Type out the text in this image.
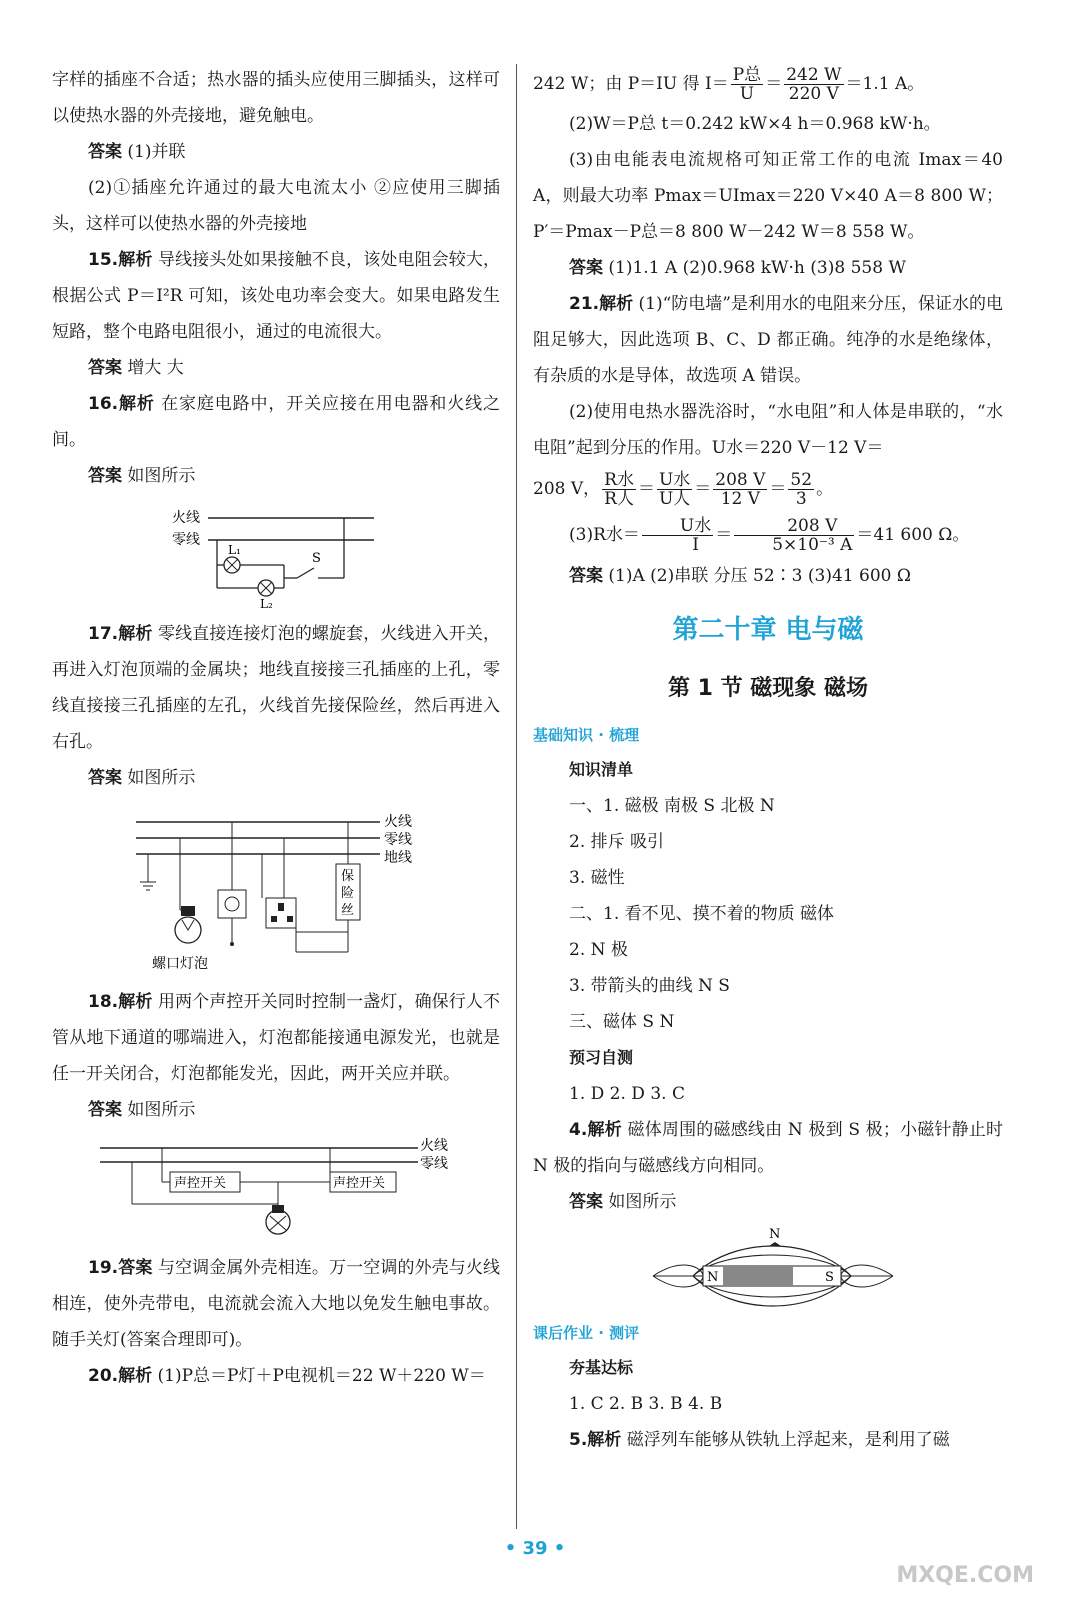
字样的插座不合适；热水器的插头应使用三脚插头，这样可以使热水器的外壳接地，避免触电。

答案 (1)并联

(2)①插座允许通过的最大电流太小 ②应使用三脚插头，这样可以使热水器的外壳接地

15.解析 导线接头处如果接触不良，该处电阻会较大，根据公式 P＝I²R 可知，该处电功率会变大。如果电路发生短路，整个电路电阻很小，通过的电流很大。

答案 增大 大

16.解析 在家庭电路中，开关应接在用电器和火线之间。

答案 如图所示

火线
零线
L₁
L₂
S

17.解析 零线直接连接灯泡的螺旋套，火线进入开关，再进入灯泡顶端的金属块；地线直接接三孔插座的上孔，零线直接接三孔插座的左孔，火线首先接保险丝，然后再进入右孔。

答案 如图所示

火线
零线
地线
螺口灯泡
保
险
丝

18.解析 用两个声控开关同时控制一盏灯，确保行人不管从地下通道的哪端进入，灯泡都能接通电源发光，也就是任一开关闭合，灯泡都能发光，因此，两开关应并联。

答案 如图所示

火线
零线
声控开关	声控开关

19.答案 与空调金属外壳相连。万一空调的外壳与火线相连，使外壳带电，电流就会流入大地以免发生触电事故。随手关灯(答案合理即可)。

20.解析 (1)P总＝P灯＋P电视机＝22 W＋220 W＝

242 W；由 P＝IU 得 $I= \frac{\text{P总}}{U} = \frac{242 W}{220 V} =1.1$ A。

(2)W＝P总 t＝0.242 kW×4 h＝0.968 kW·h。

(3)由电能表电流规格可知正常工作的电流 Imax＝40 A，则最大功率 Pmax＝UImax＝220 V×40 A＝8 800 W；P′＝Pmax－P总＝8 800 W－242 W＝8 558 W。

答案 (1)1.1 A (2)0.968 kW·h (3)8 558 W

21.解析 (1)“防电墙”是利用水的电阻来分压，保证水的电阻足够大，因此选项 B、C、D 都正确。纯净的水是绝缘体，有杂质的水是导体，故选项 A 错误。

(2)使用电热水器洗浴时，“水电阻”和人体是串联的，“水电阻”起到分压的作用。U水＝220 V－12 V＝

208 V， $\frac{\text{R水}}{\text{R人}} = \frac{\text{U水}}{\text{U人}} = \frac{208 V}{12 V} = \frac{52}{3}$ 。

(3)R水＝ $\frac{\text{U水}}{I} = \frac{208 V}{\text{5×10⁻³ A}} =41$ 600 Ω。

答案 (1)A (2)串联 分压 52∶3 (3)41 600 Ω

第二十章 电与磁
第 1 节 磁现象 磁场
基础知识 · 梳理

知识清单

一、1. 磁极 南极 S 北极 N

2. 排斥 吸引

3. 磁性

二、1. 看不见、摸不着的物质 磁体

2. N 极

3. 带箭头的曲线 N S

三、磁体 S N

预习自测

1. D 2. D 3. C

4.解析 磁体周围的磁感线由 N 极到 S 极；小磁针静止时 N 极的指向与磁感线方向相同。

答案 如图所示

N	S
N
课后作业 · 测评

夯基达标

1. C 2. B 3. B 4. B

5.解析 磁浮列车能够从铁轨上浮起来，是利用了磁

• 39 •
MXQE.COM
